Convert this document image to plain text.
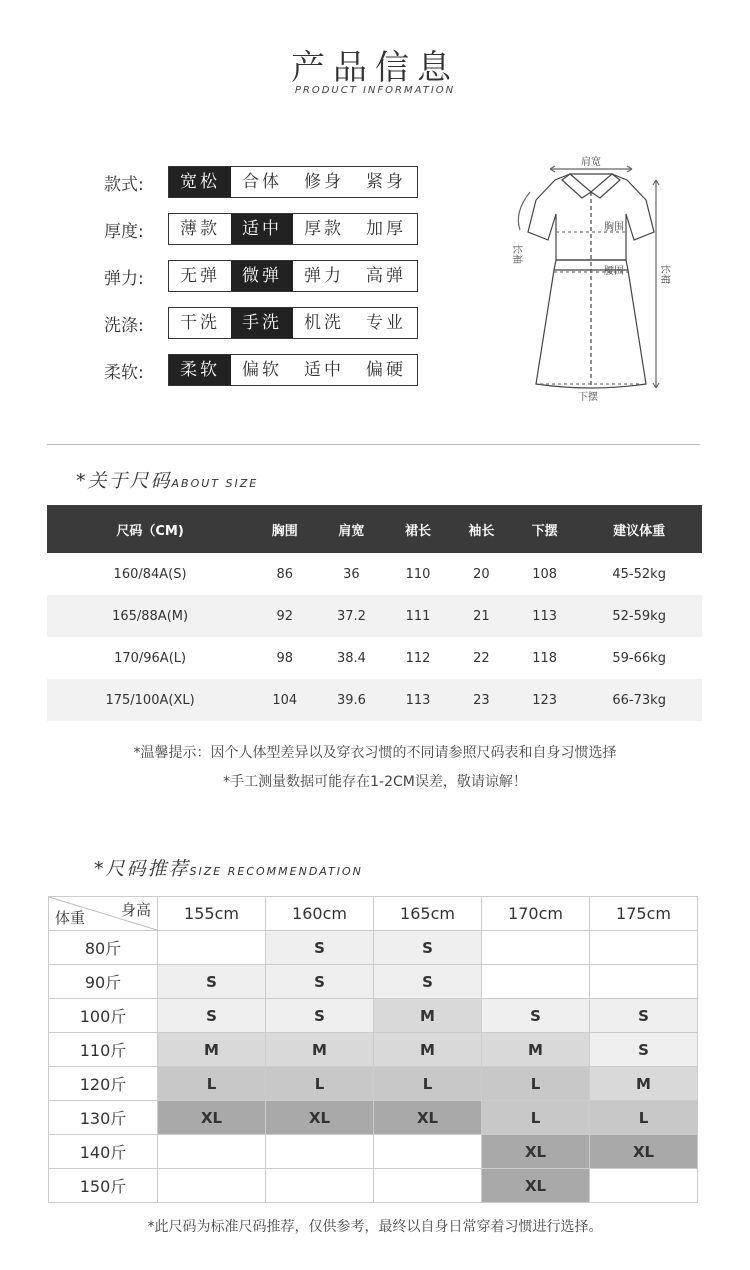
产品信息
PRODUCT INFORMATION
款式:	宽松	合体	修身	紧身
厚度:	薄款	适中	厚款	加厚
弹力:	无弹	微弹	弹力	高弹
洗涤:	干洗	手洗	机洗	专业
柔软:	柔软	偏软	适中	偏硬
肩宽
胸围
腰围
长袖
长裙
下摆
*关于尺码ABOUT SIZE
尺码（CM)	胸围	肩宽	裙长	袖长	下摆	建议体重
160/84A(S)	86	36	110	20	108	45-52kg
165/88A(M)	92	37.2	111	21	113	52-59kg
170/96A(L)	98	38.4	112	22	118	59-66kg
175/100A(XL)	104	39.6	113	23	123	66-73kg
*温馨提示：因个人体型差异以及穿衣习惯的不同请参照尺码表和自身习惯选择
*手工测量数据可能存在1-2CM误差，敬请谅解！
*尺码推荐SIZE RECOMMENDATION
身高
体重	155cm	160cm	165cm	170cm	175cm
80斤		S	S		
90斤	S	S	S		
100斤	S	S	M	S	S
110斤	M	M	M	M	S
120斤	L	L	L	L	M
130斤	XL	XL	XL	L	L
140斤				XL	XL
150斤				XL	
*此尺码为标准尺码推荐，仅供参考，最终以自身日常穿着习惯进行选择。
